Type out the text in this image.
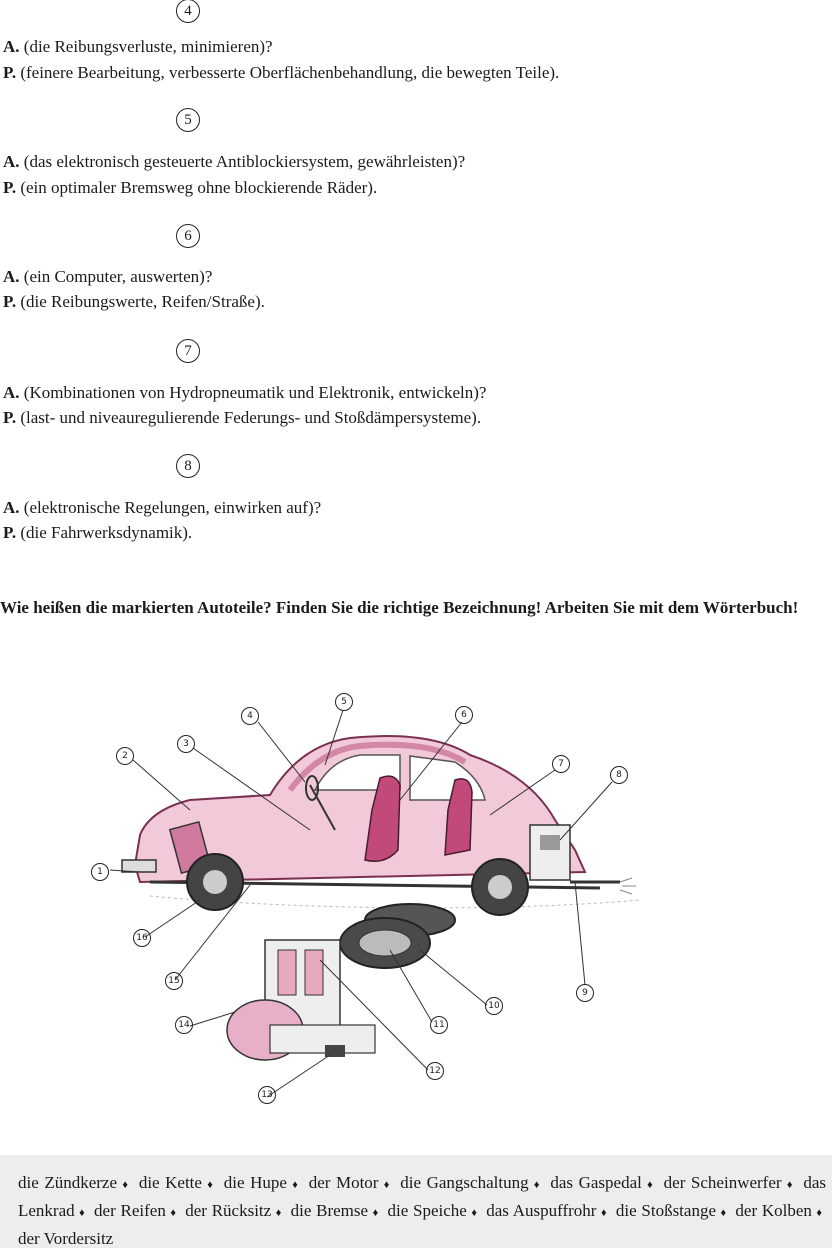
4
A. (die Reibungsverluste, minimieren)?
P. (feinere Bearbeitung, verbesserte Oberflächenbehandlung, die bewegten Teile).
5
A. (das elektronisch gesteuerte Antiblockiersystem, gewährleisten)?
P. (ein optimaler Bremsweg ohne blockierende Räder).
6
A. (ein Computer, auswerten)?
P. (die Reibungswerte, Reifen/Straße).
7
A. (Kombinationen von Hydropneumatik und Elektronik, entwickeln)?
P. (last- und niveauregulierende Federungs- und Stoßdämpersysteme).
8
A. (elektronische Regelungen, einwirken auf)?
P. (die Fahrwerksdynamik).
Wie heißen die markierten Autoteile? Finden Sie die richtige Bezeichnung! Arbeiten Sie mit dem Wörterbuch!
1
2
3
4
5
6
7
8
9
10
11
12
13
14
15
16
die Zündkerze ♦ die Kette ♦ die Hupe ♦ der Motor ♦ die Gangschaltung ♦ das Gaspedal ♦ der Scheinwerfer ♦ das Lenkrad ♦ der Reifen ♦ der Rücksitz ♦ die Bremse ♦ die Speiche ♦ das Auspuffrohr ♦ die Stoßstange ♦ der Kolben ♦ der Vordersitz
